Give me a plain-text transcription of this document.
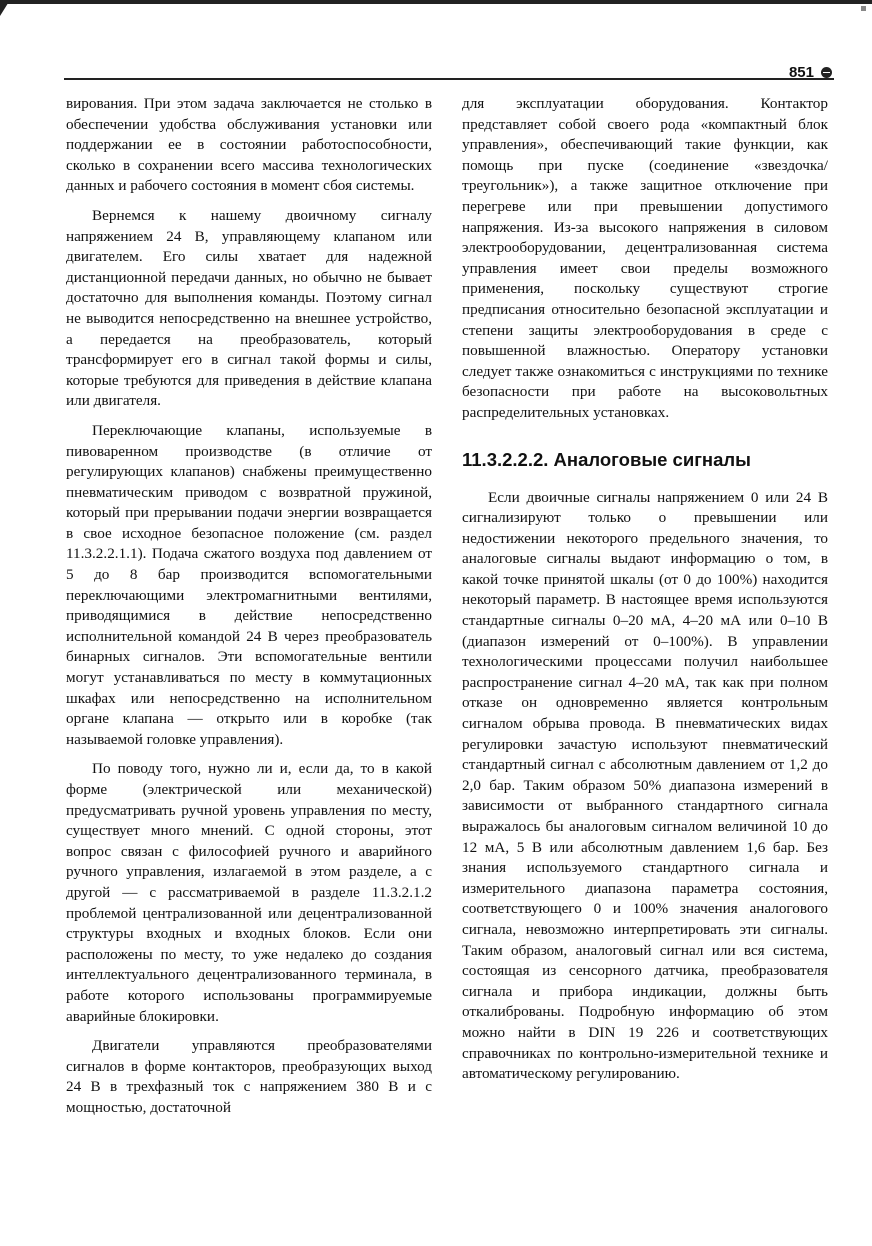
851

вирования. При этом задача заключается не столько в обеспечении удобства обслуживания установки или поддержании ее в состоянии работоспособности, сколько в сохранении всего массива технологических данных и рабочего состояния в момент сбоя системы.

Вернемся к нашему двоичному сигналу напряжением 24 В, управляющему клапаном или двигателем. Его силы хватает для надежной дистанционной передачи данных, но обычно не бывает достаточно для выполнения команды. Поэтому сигнал не выводится непосредственно на внешнее устройство, а передается на преобразователь, который трансформирует его в сигнал такой формы и силы, которые требуются для приведения в действие клапана или двигателя.

Переключающие клапаны, используемые в пивоваренном производстве (в отличие от регулирующих клапанов) снабжены преимущественно пневматическим приводом с возвратной пружиной, который при прерывании подачи энергии возвращается в свое исходное безопасное положение (см. раздел 11.3.2.2.1.1). Подача сжатого воздуха под давлением от 5 до 8 бар производится вспомогательными переключающими электромагнитными вентилями, приводящимися в действие непосредственно исполнительной командой 24 В через преобразователь бинарных сигналов. Эти вспомогательные вентили могут устанавливаться по месту в коммутационных шкафах или непосредственно на исполнительном органе клапана — открыто или в коробке (так называемой головке управления).

По поводу того, нужно ли и, если да, то в какой форме (электрической или механической) предусматривать ручной уровень управления по месту, существует много мнений. С одной стороны, этот вопрос связан с философией ручного и аварийного ручного управления, излагаемой в этом разделе, а с другой — с рассматриваемой в разделе 11.3.2.1.2 проблемой централизованной или децентрализованной структуры входных и входных блоков. Если они расположены по месту, то уже недалеко до создания интеллектуального децентрализованного терминала, в работе которого использованы программируемые аварийные блокировки.

Двигатели управляются преобразователями сигналов в форме контакторов, преобразующих выход 24 В в трехфазный ток с напряжением 380 В и с мощностью, достаточной

для эксплуатации оборудования. Контактор представляет собой своего рода «компактный блок управления», обеспечивающий такие функции, как помощь при пуске (соединение «звездочка/треугольник»), а также защитное отключение при перегреве или при превышении допустимого напряжения. Из-за высокого напряжения в силовом электрооборудовании, децентрализованная система управления имеет свои пределы возможного применения, поскольку существуют строгие предписания относительно безопасной эксплуатации и степени защиты электрооборудования в среде с повышенной влажностью. Оператору установки следует также ознакомиться с инструкциями по технике безопасности при работе на высоковольтных распределительных установках.

11.3.2.2.2. Аналоговые сигналы

Если двоичные сигналы напряжением 0 или 24 В сигнализируют только о превышении или недостижении некоторого предельного значения, то аналоговые сигналы выдают информацию о том, в какой точке принятой шкалы (от 0 до 100%) находится некоторый параметр. В настоящее время используются стандартные сигналы 0–20 мА, 4–20 мА или 0–10 В (диапазон измерений от 0–100%). В управлении технологическими процессами получил наибольшее распространение сигнал 4–20 мА, так как при полном отказе он одновременно является контрольным сигналом обрыва провода. В пневматических видах регулировки зачастую используют пневматический стандартный сигнал с абсолютным давлением от 1,2 до 2,0 бар. Таким образом 50% диапазона измерений в зависимости от выбранного стандартного сигнала выражалось бы аналоговым сигналом величиной 10 до 12 мА, 5 В или абсолютным давлением 1,6 бар. Без знания используемого стандартного сигнала и измерительного диапазона параметра состояния, соответствующего 0 и 100% значения аналогового сигнала, невозможно интерпретировать эти сигналы. Таким образом, аналоговый сигнал или вся система, состоящая из сенсорного датчика, преобразователя сигнала и прибора индикации, должны быть откалиброваны. Подробную информацию об этом можно найти в DIN 19 226 и соответствующих справочниках по контрольно-измерительной технике и автоматическому регулированию.
